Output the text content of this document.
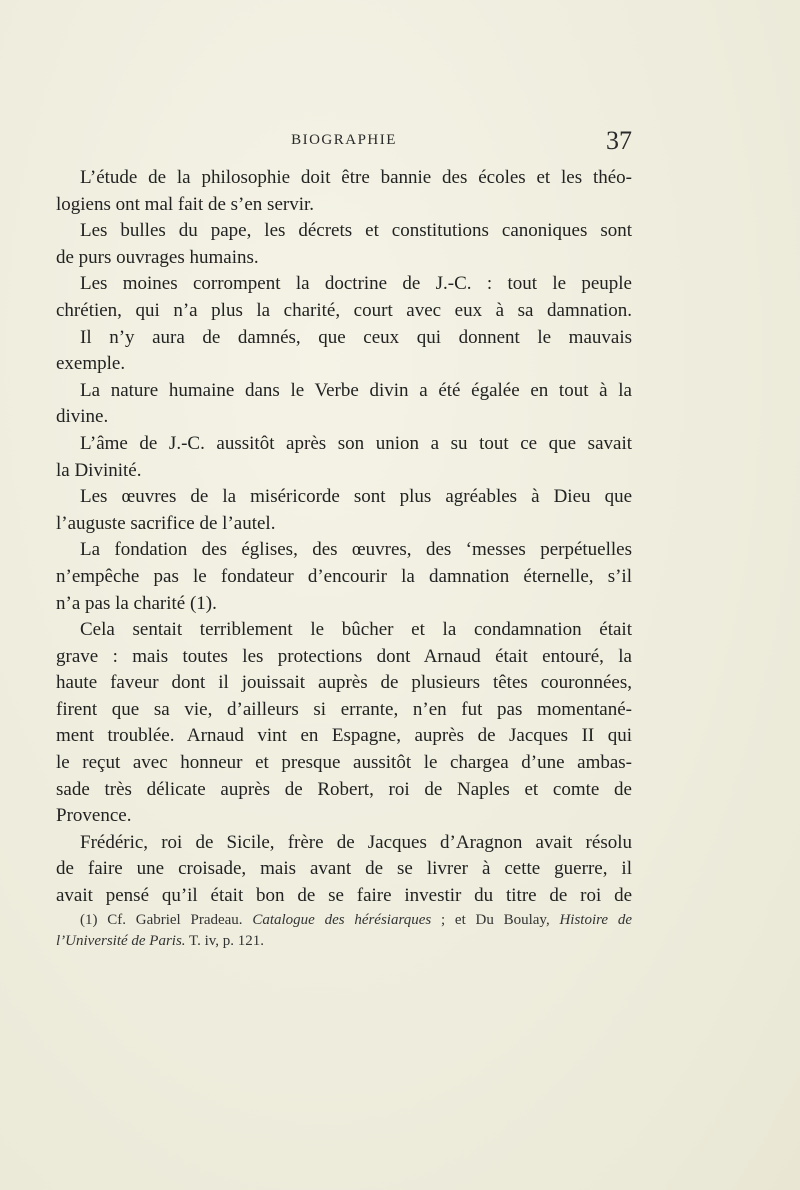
BIOGRAPHIE	37
L’étude de la philosophie doit être bannie des écoles et les théo-
logiens ont mal fait de s’en servir.
Les bulles du pape, les décrets et constitutions canoniques sont
de purs ouvrages humains.
Les moines corrompent la doctrine de J.-C. : tout le peuple
chrétien, qui n’a plus la charité, court avec eux à sa damnation.
Il n’y aura de damnés, que ceux qui donnent le mauvais
exemple.
La nature humaine dans le Verbe divin a été égalée en tout à la
divine.
L’âme de J.-C. aussitôt après son union a su tout ce que savait
la Divinité.
Les œuvres de la miséricorde sont plus agréables à Dieu que
l’auguste sacrifice de l’autel.
La fondation des églises, des œuvres, des ‘messes perpétuelles
n’empêche pas le fondateur d’encourir la damnation éternelle, s’il
n’a pas la charité (1).
Cela sentait terriblement le bûcher et la condamnation était
grave : mais toutes les protections dont Arnaud était entouré, la
haute faveur dont il jouissait auprès de plusieurs têtes couronnées,
firent que sa vie, d’ailleurs si errante, n’en fut pas momentané-
ment troublée. Arnaud vint en Espagne, auprès de Jacques II qui
le reçut avec honneur et presque aussitôt le chargea d’une ambas-
sade très délicate auprès de Robert, roi de Naples et comte de
Provence.
Frédéric, roi de Sicile, frère de Jacques d’Aragnon avait résolu
de faire une croisade, mais avant de se livrer à cette guerre, il
avait pensé qu’il était bon de se faire investir du titre de roi de
(1) Cf. Gabriel Pradeau. Catalogue des hérésiarques ; et Du Boulay, Histoire de
l’Université de Paris. T. iv, p. 121.
